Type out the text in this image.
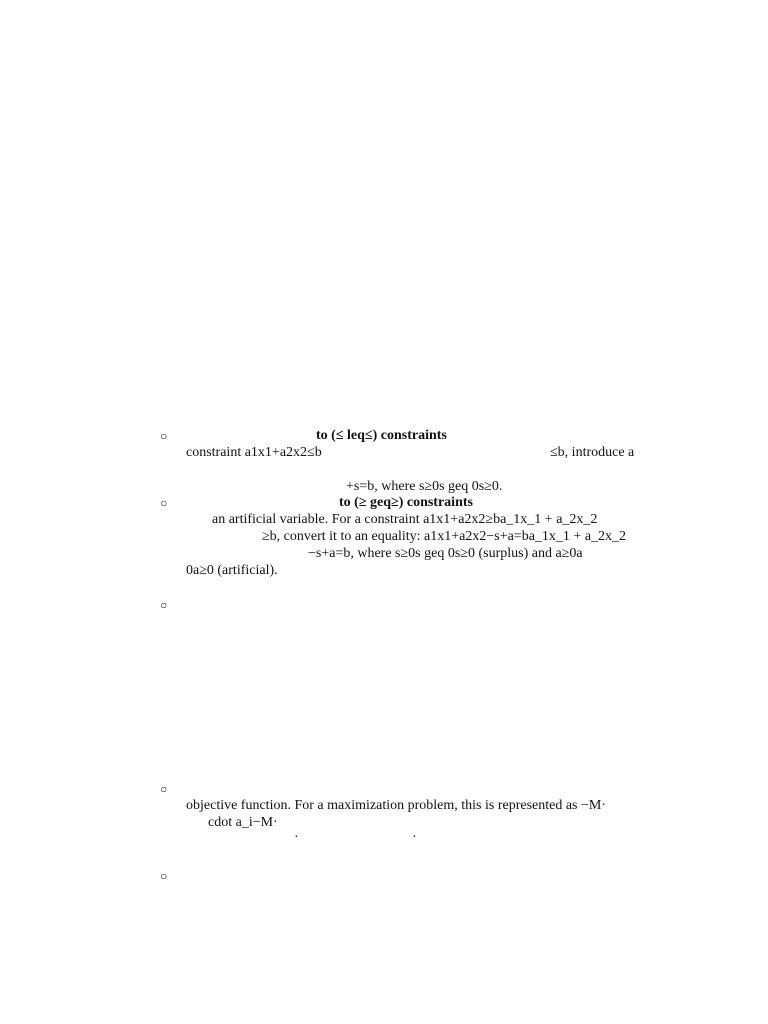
○	to (≤ leq≤) constraints
constraint a1x1+a2x2≤b	≤b, introduce a
+s=b, where s≥0s geq 0s≥0.
○	to (≥ geq≥) constraints
an artificial variable. For a constraint a1x1+a2x2≥ba_1x_1 + a_2x_2
≥b, convert it to an equality: a1x1+a2x2−s+a=ba_1x_1 + a_2x_2
−s+a=b, where s≥0s geq 0s≥0 (surplus) and a≥0a
0a≥0 (artificial).
○
○
objective function. For a maximization problem, this is represented as −M·
cdot a_i−M·
·	·
○
